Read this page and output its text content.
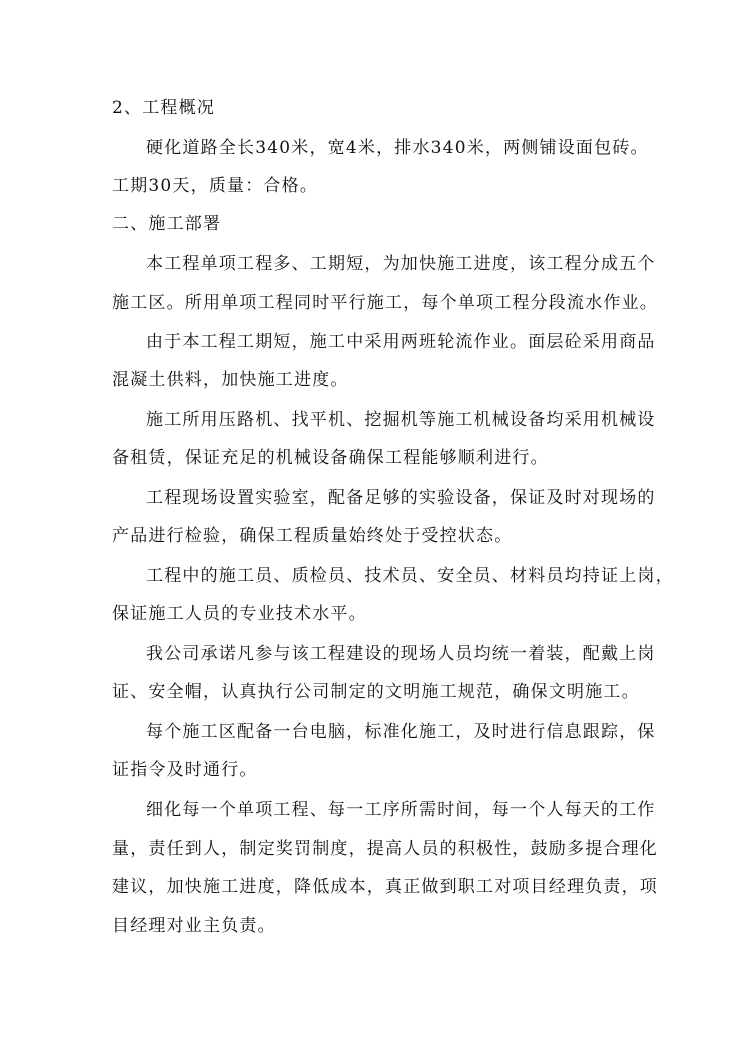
2、工程概况
硬化道路全长340米，宽4米，排水340米，两侧铺设面包砖。
工期30天，质量：合格。
二、施工部署
本工程单项工程多、工期短，为加快施工进度，该工程分成五个
施工区。所用单项工程同时平行施工，每个单项工程分段流水作业。
由于本工程工期短，施工中采用两班轮流作业。面层砼采用商品
混凝土供料，加快施工进度。
施工所用压路机、找平机、挖掘机等施工机械设备均采用机械设
备租赁，保证充足的机械设备确保工程能够顺利进行。
工程现场设置实验室，配备足够的实验设备，保证及时对现场的
产品进行检验，确保工程质量始终处于受控状态。
工程中的施工员、质检员、技术员、安全员、材料员均持证上岗，
保证施工人员的专业技术水平。
我公司承诺凡参与该工程建设的现场人员均统一着装，配戴上岗
证、安全帽，认真执行公司制定的文明施工规范，确保文明施工。
每个施工区配备一台电脑，标准化施工，及时进行信息跟踪，保
证指令及时通行。
细化每一个单项工程、每一工序所需时间，每一个人每天的工作
量，责任到人，制定奖罚制度，提高人员的积极性，鼓励多提合理化
建议，加快施工进度，降低成本，真正做到职工对项目经理负责，项
目经理对业主负责。
